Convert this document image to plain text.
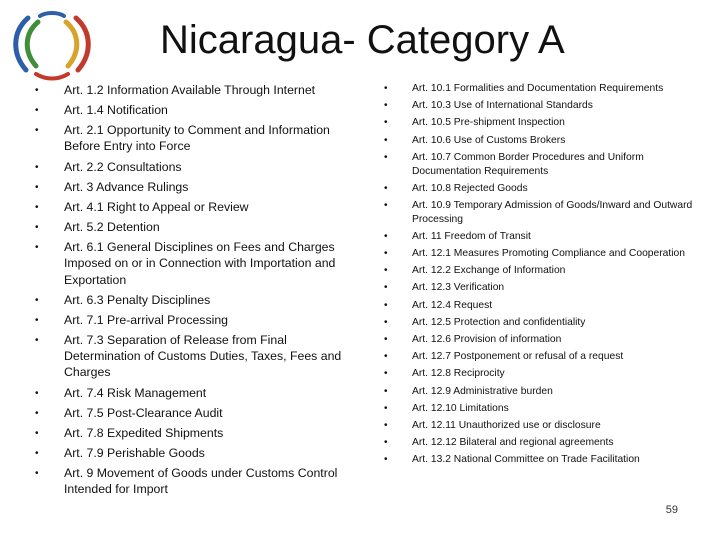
Nicaragua- Category A
• Art. 1.2 Information Available Through Internet
• Art. 1.4 Notification
• Art. 2.1 Opportunity to Comment and Information Before Entry into Force
• Art. 2.2 Consultations
• Art. 3 Advance Rulings
• Art. 4.1 Right to Appeal or Review
• Art. 5.2 Detention
• Art. 6.1 General Disciplines on Fees and Charges Imposed on or in Connection with Importation and Exportation
• Art. 6.3 Penalty Disciplines
• Art. 7.1 Pre-arrival Processing
• Art. 7.3 Separation of Release from Final Determination of Customs Duties, Taxes, Fees and Charges
• Art. 7.4 Risk Management
• Art. 7.5 Post-Clearance Audit
• Art. 7.8 Expedited Shipments
• Art. 7.9 Perishable Goods
• Art. 9 Movement of Goods under Customs Control Intended for Import
• Art. 10.1 Formalities and Documentation Requirements
• Art. 10.3 Use of International Standards
• Art. 10.5 Pre-shipment Inspection
• Art. 10.6 Use of Customs Brokers
• Art. 10.7 Common Border Procedures and Uniform Documentation Requirements
• Art. 10.8 Rejected Goods
• Art. 10.9 Temporary Admission of Goods/Inward and Outward Processing
• Art. 11 Freedom of Transit
• Art. 12.1 Measures Promoting Compliance and Cooperation
• Art. 12.2 Exchange of Information
• Art. 12.3 Verification
• Art. 12.4 Request
• Art. 12.5 Protection and confidentiality
• Art. 12.6 Provision of information
• Art. 12.7 Postponement or refusal of a request
• Art. 12.8 Reciprocity
• Art. 12.9 Administrative burden
• Art. 12.10 Limitations
• Art. 12.11 Unauthorized use or disclosure
• Art. 12.12 Bilateral and regional agreements
• Art. 13.2 National Committee on Trade Facilitation
59
